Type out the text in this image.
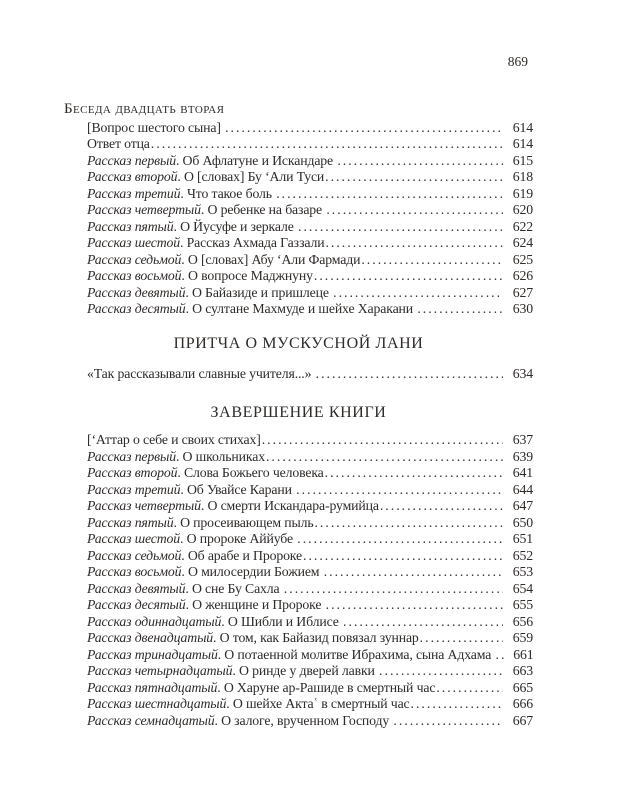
869
Беседа двадцать вторая
[Вопрос шестого сына] .....	614
Ответ отца .....	614
Рассказ первый . Об Афлатуне и Искандаре .....	615
Рассказ второй . О [словах] Бу ʻАли Туси .....	618
Рассказ третий . Что такое боль .....	619
Рассказ четвертый . О ребенке на базаре .....	620
Рассказ пятый . О Йусуфе и зеркале .....	622
Рассказ шестой . Рассказ Ахмада Газзали .....	624
Рассказ седьмой . О [словах] Абу ʻАли Фармади .....	625
Рассказ восьмой . О вопросе Маджнуну .....	626
Рассказ девятый . О Байазиде и пришлеце .....	627
Рассказ десятый . О султане Махмуде и шейхе Харакани .....	630
ПРИТЧА О МУСКУСНОЙ ЛАНИ
«Так рассказывали славные учителя...» .....	634
ЗАВЕРШЕНИЕ КНИГИ
[ʻАттар о себе и своих стихах] .....	637
Рассказ первый . О школьниках .....	639
Рассказ второй . Слова Божьего человека .....	641
Рассказ третий . Об Увайсе Карани .....	644
Рассказ четвертый . О смерти Искандара-румийца .....	647
Рассказ пятый . О просеивающем пыль .....	650
Рассказ шестой . О пророке Аййубе .....	651
Рассказ седьмой . Об арабе и Пророке .....	652
Рассказ восьмой . О милосердии Божием .....	653
Рассказ девятый . О сне Бу Сахла .....	654
Рассказ десятый . О женщине и Пророке .....	655
Рассказ одиннадцатый . О Шибли и Иблисе .....	656
Рассказ двенадцатый . О том, как Байазид повязал зуннар .....	659
Рассказ тринадцатый . О потаенной молитве Ибрахима, сына Адхама .....	661
Рассказ четырнадцатый . О ринде у дверей лавки .....	663
Рассказ пятнадцатый . О Харуне ар-Рашиде в смертный час .....	665
Рассказ шестнадцатый . О шейхе Актаʿ в смертный час .....	666
Рассказ семнадцатый . О залоге, врученном Господу .....	667
